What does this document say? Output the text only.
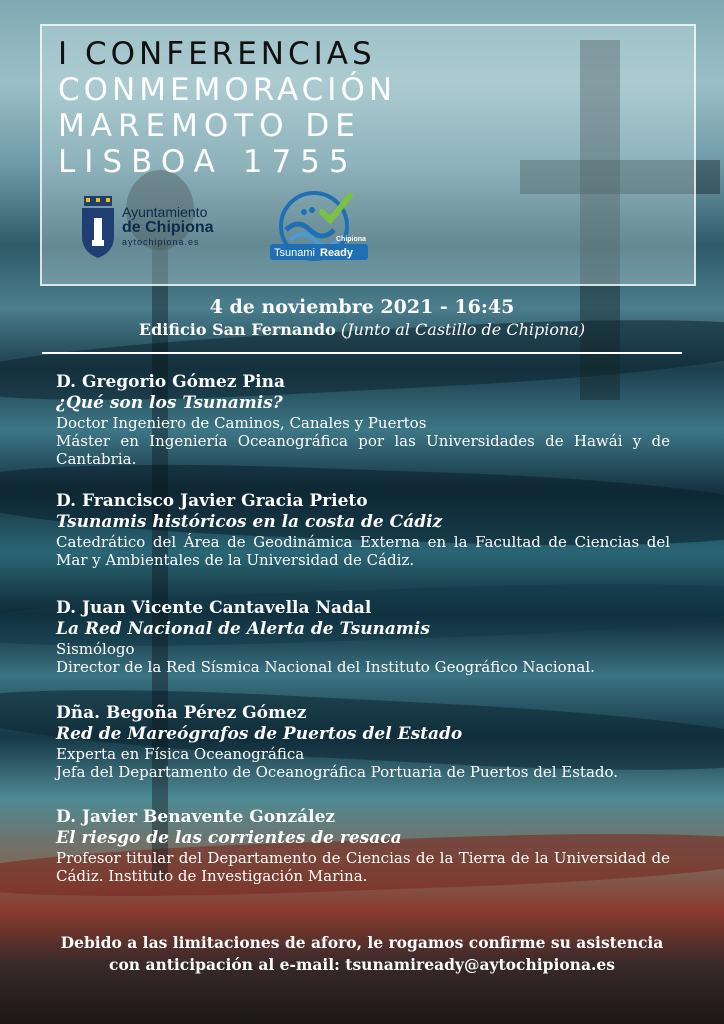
I CONFERENCIAS
CONMEMORACIÓN
MAREMOTO DE
LISBOA 1755
Ayuntamiento
de Chipiona
aytochipiona.es	Chipiona
Tsunami Ready
4 de noviembre 2021 - 16:45
Edificio San Fernando (Junto al Castillo de Chipiona)
D. Gregorio Gómez Pina
¿Qué son los Tsunamis?
Doctor Ingeniero de Caminos, Canales y Puertos
Máster en Ingeniería Oceanográfica por las Universidades de Hawái y de Cantabria.
D. Francisco Javier Gracia Prieto
Tsunamis históricos en la costa de Cádiz
Catedrático del Área de Geodinámica Externa en la Facultad de Ciencias del Mar y Ambientales de la Universidad de Cádiz.
D. Juan Vicente Cantavella Nadal
La Red Nacional de Alerta de Tsunamis
Sismólogo
Director de la Red Sísmica Nacional del Instituto Geográfico Nacional.
Dña. Begoña Pérez Gómez
Red de Mareógrafos de Puertos del Estado
Experta en Física Oceanográfica
Jefa del Departamento de Oceanográfica Portuaria de Puertos del Estado.
D. Javier Benavente González
El riesgo de las corrientes de resaca
Profesor titular del Departamento de Ciencias de la Tierra de la Universidad de Cádiz. Instituto de Investigación Marina.
Debido a las limitaciones de aforo, le rogamos confirme su asistencia
con anticipación al e-mail: tsunamiready@aytochipiona.es
